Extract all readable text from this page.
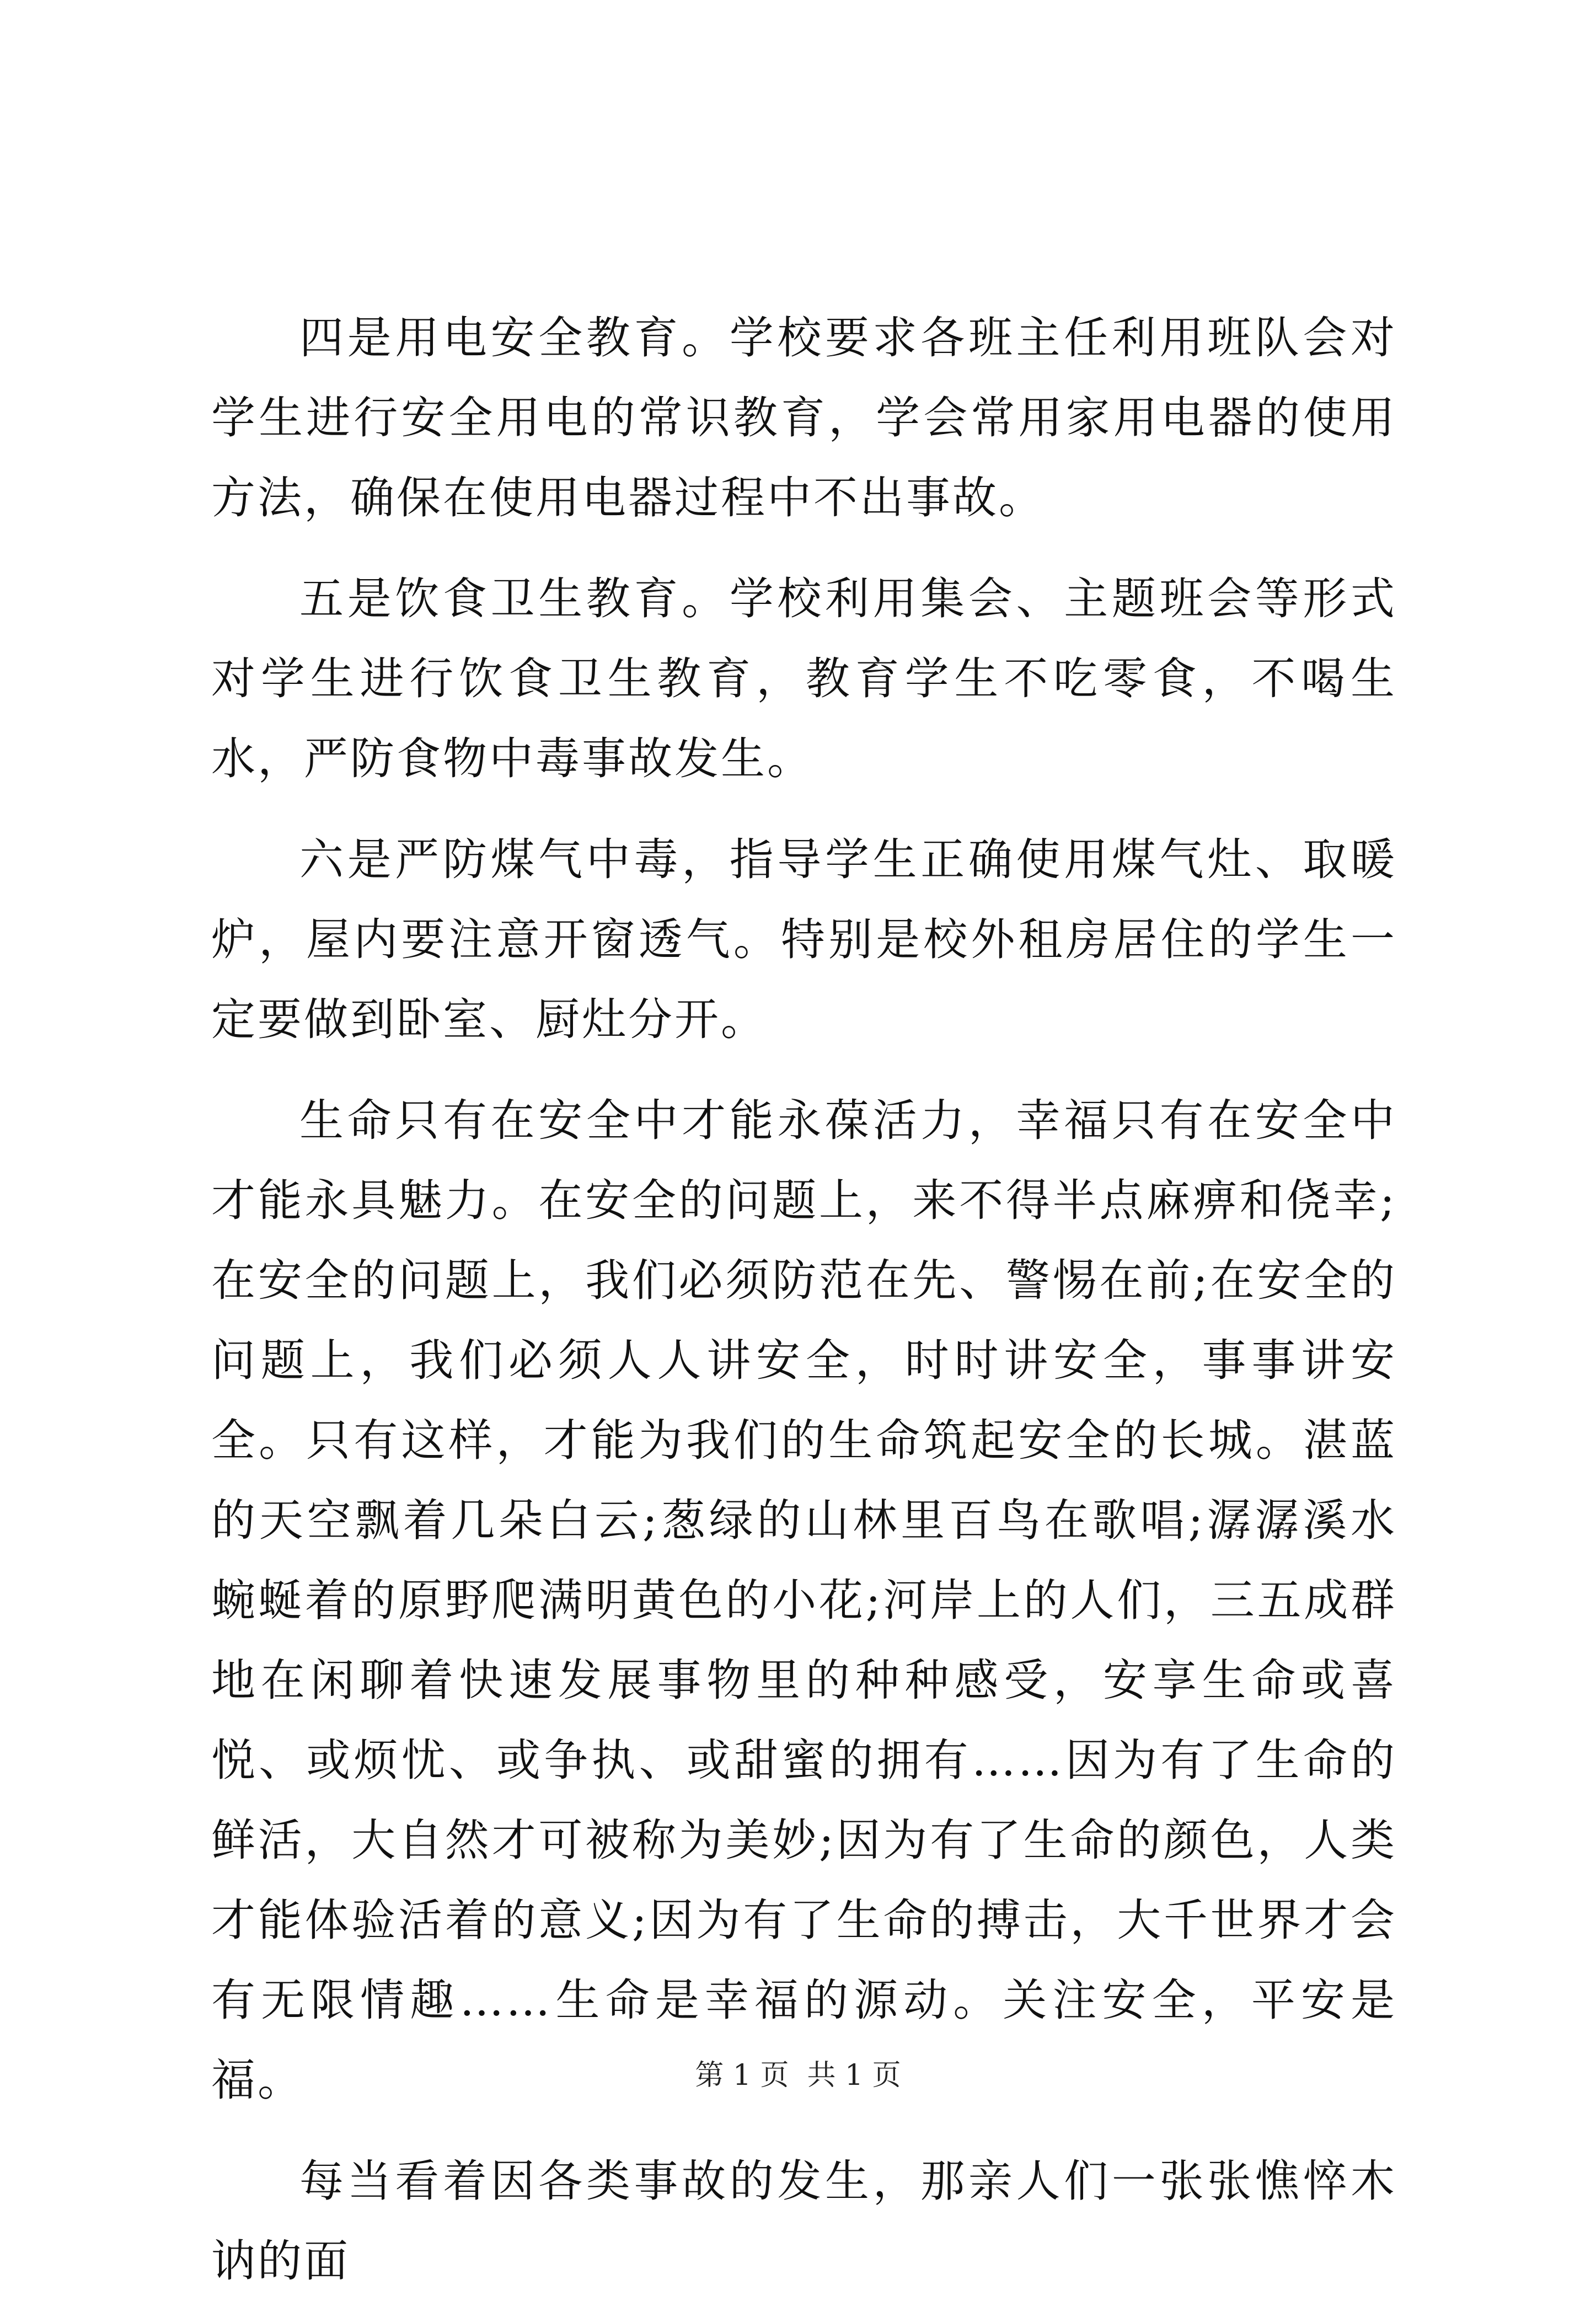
四是用电安全教育。学校要求各班主任利用班队会对学生进行安全用电的常识教育，学会常用家用电器的使用方法，确保在使用电器过程中不出事故。

五是饮食卫生教育。学校利用集会、主题班会等形式对学生进行饮食卫生教育，教育学生不吃零食，不喝生水，严防食物中毒事故发生。

六是严防煤气中毒，指导学生正确使用煤气灶、取暖炉，屋内要注意开窗透气。特别是校外租房居住的学生一定要做到卧室、厨灶分开。

生命只有在安全中才能永葆活力，幸福只有在安全中才能永具魅力。在安全的问题上，来不得半点麻痹和侥幸;在安全的问题上，我们必须防范在先、警惕在前;在安全的问题上，我们必须人人讲安全，时时讲安全，事事讲安全。只有这样，才能为我们的生命筑起安全的长城。湛蓝的天空飘着几朵白云;葱绿的山林里百鸟在歌唱;潺潺溪水蜿蜒着的原野爬满明黄色的小花;河岸上的人们，三五成群地在闲聊着快速发展事物里的种种感受，安享生命或喜悦、或烦忧、或争执、或甜蜜的拥有……因为有了生命的鲜活，大自然才可被称为美妙;因为有了生命的颜色，人类才能体验活着的意义;因为有了生命的搏击，大千世界才会有无限情趣……生命是幸福的源动。关注安全，平安是福。

每当看着因各类事故的发生，那亲人们一张张憔悴木讷的面

第 1 页  共 1 页
